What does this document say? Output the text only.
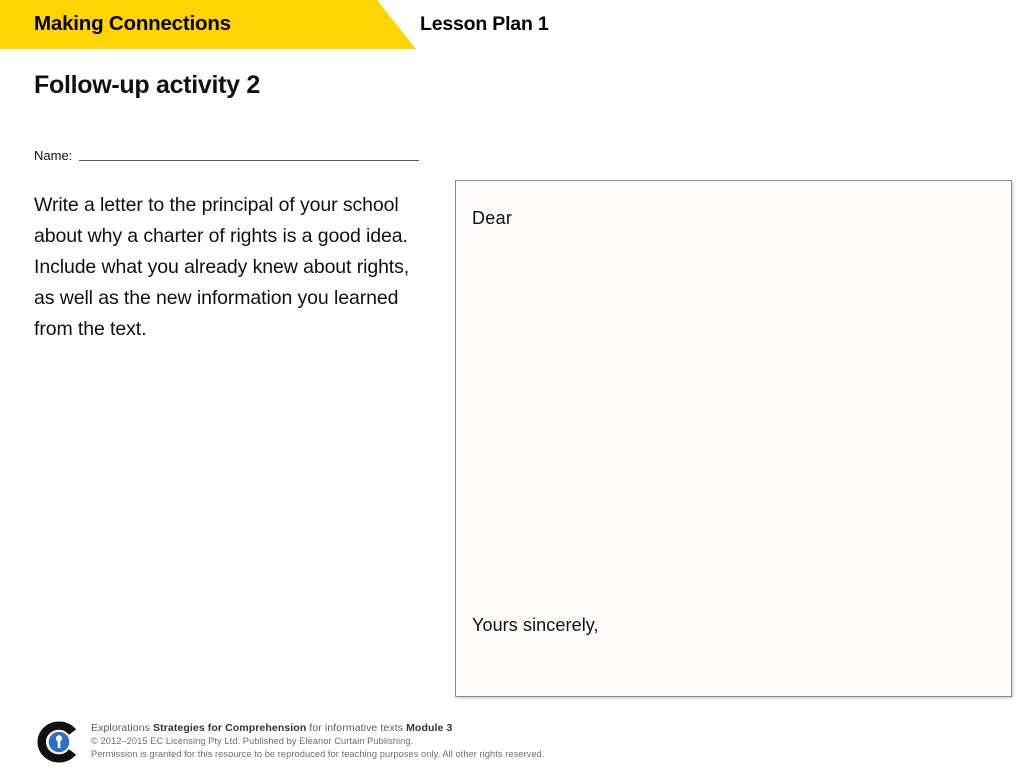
Making Connections	Lesson Plan 1
Follow-up activity 2
Name:
Write a letter to the principal of your school about why a charter of rights is a good idea. Include what you already knew about rights, as well as the new information you learned from the text.
Dear
Yours sincerely,
Explorations Strategies for Comprehension for informative texts Module 3
© 2012–2015 EC Licensing Pty Ltd. Published by Eleanor Curtain Publishing.
Permission is granted for this resource to be reproduced for teaching purposes only. All other rights reserved.
